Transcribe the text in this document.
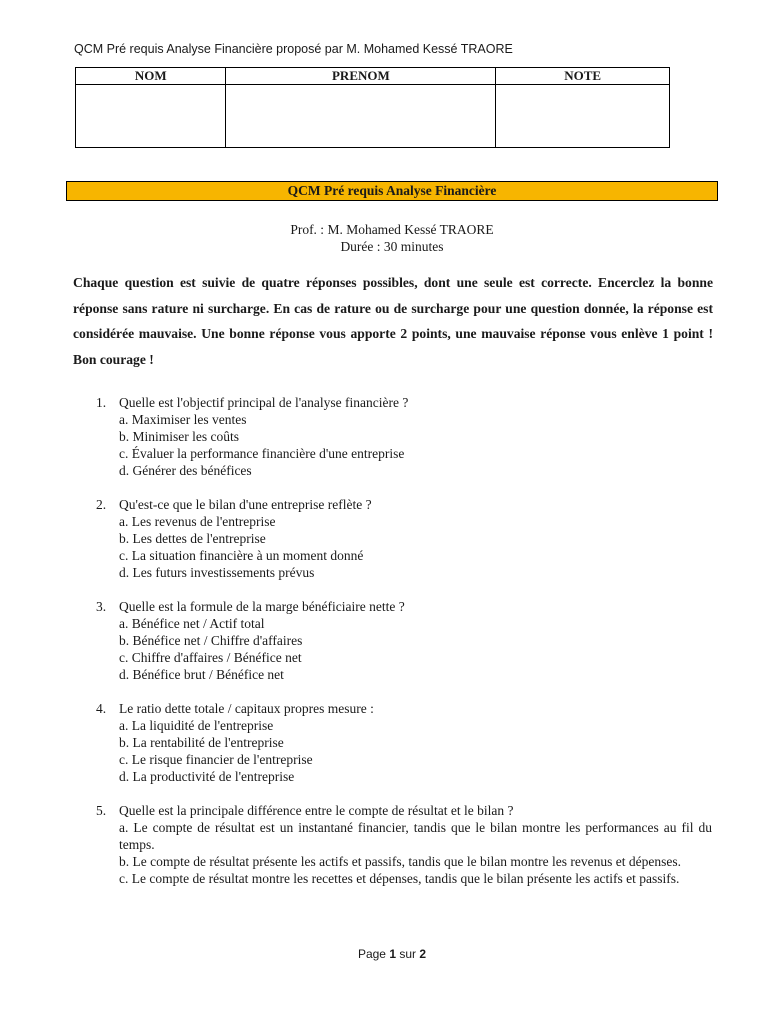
QCM Pré requis Analyse Financière proposé par M. Mohamed Kessé TRAORE
NOM	PRENOM	NOTE

QCM Pré requis Analyse Financière
Prof. : M. Mohamed Kessé TRAORE
Durée : 30 minutes
Chaque question est suivie de quatre réponses possibles, dont une seule est correcte. Encerclez la bonne réponse sans rature ni surcharge. En cas de rature ou de surcharge pour une question donnée, la réponse est considérée mauvaise. Une bonne réponse vous apporte 2 points, une mauvaise réponse vous enlève 1 point ! Bon courage !
1. Quelle est l'objectif principal de l'analyse financière ?
a. Maximiser les ventes
b. Minimiser les coûts
c. Évaluer la performance financière d'une entreprise
d. Générer des bénéfices
2. Qu'est-ce que le bilan d'une entreprise reflète ?
a. Les revenus de l'entreprise
b. Les dettes de l'entreprise
c. La situation financière à un moment donné
d. Les futurs investissements prévus
3. Quelle est la formule de la marge bénéficiaire nette ?
a. Bénéfice net / Actif total
b. Bénéfice net / Chiffre d'affaires
c. Chiffre d'affaires / Bénéfice net
d. Bénéfice brut / Bénéfice net
4. Le ratio dette totale / capitaux propres mesure :
a. La liquidité de l'entreprise
b. La rentabilité de l'entreprise
c. Le risque financier de l'entreprise
d. La productivité de l'entreprise
5. Quelle est la principale différence entre le compte de résultat et le bilan ?
a. Le compte de résultat est un instantané financier, tandis que le bilan montre les performances au fil du temps.
b. Le compte de résultat présente les actifs et passifs, tandis que le bilan montre les revenus et dépenses.
c. Le compte de résultat montre les recettes et dépenses, tandis que le bilan présente les actifs et passifs.
Page 1 sur 2
